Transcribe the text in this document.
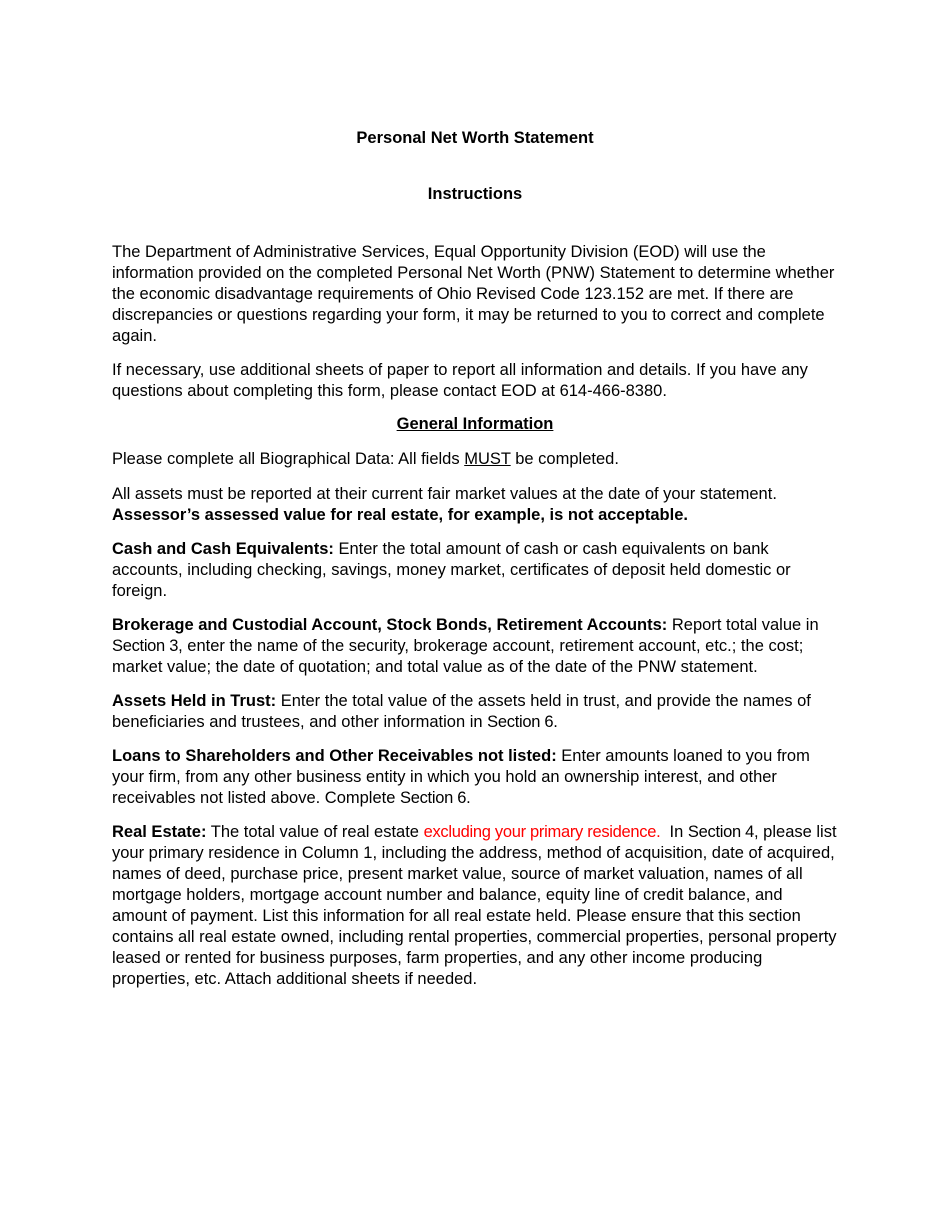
Personal Net Worth Statement
Instructions

The Department of Administrative Services, Equal Opportunity Division (EOD) will use the information provided on the completed Personal Net Worth (PNW) Statement to determine whether the economic disadvantage requirements of Ohio Revised Code 123.152 are met. If there are discrepancies or questions regarding your form, it may be returned to you to correct and complete again.

If necessary, use additional sheets of paper to report all information and details. If you have any questions about completing this form, please contact EOD at 614-466-8380.

General Information

Please complete all Biographical Data: All fields MUST be completed.

All assets must be reported at their current fair market values at the date of your statement. Assessor’s assessed value for real estate, for example, is not acceptable.

Cash and Cash Equivalents: Enter the total amount of cash or cash equivalents on bank accounts, including checking, savings, money market, certificates of deposit held domestic or foreign.

Brokerage and Custodial Account, Stock Bonds, Retirement Accounts: Report total value in Section 3, enter the name of the security, brokerage account, retirement account, etc.; the cost; market value; the date of quotation; and total value as of the date of the PNW statement.

Assets Held in Trust: Enter the total value of the assets held in trust, and provide the names of beneficiaries and trustees, and other information in Section 6.

Loans to Shareholders and Other Receivables not listed: Enter amounts loaned to you from your firm, from any other business entity in which you hold an ownership interest, and other receivables not listed above. Complete Section 6.

Real Estate: The total value of real estate excluding your primary residence. In Section 4, please list your primary residence in Column 1, including the address, method of acquisition, date of acquired, names of deed, purchase price, present market value, source of market valuation, names of all mortgage holders, mortgage account number and balance, equity line of credit balance, and amount of payment. List this information for all real estate held. Please ensure that this section contains all real estate owned, including rental properties, commercial properties, personal property leased or rented for business purposes, farm properties, and any other income producing properties, etc. Attach additional sheets if needed.
